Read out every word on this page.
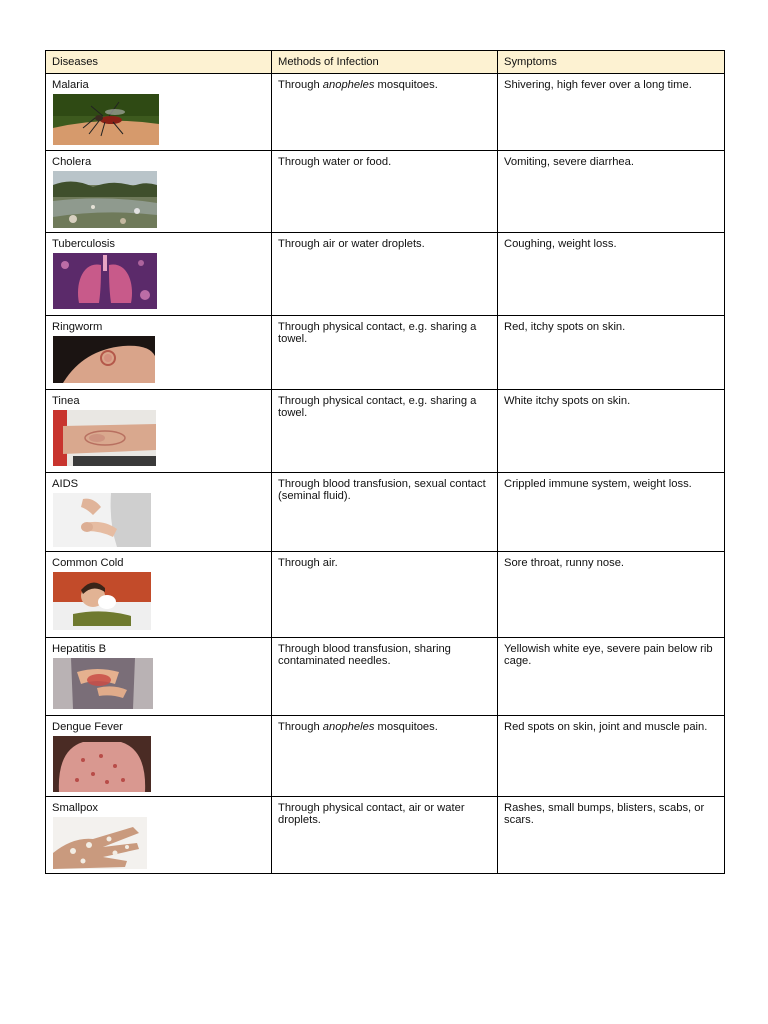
Diseases	Methods of Infection	Symptoms

Malaria	Through anopheles mosquitoes.	Shivering, high fever over a long time.

Cholera	Through water or food.	Vomiting, severe diarrhea.

Tuberculosis	Through air or water droplets.	Coughing, weight loss.

Ringworm	Through physical contact, e.g. sharing a towel.	Red, itchy spots on skin.

Tinea	Through physical contact, e.g. sharing a towel.	White itchy spots on skin.

AIDS	Through blood transfusion, sexual contact (seminal fluid).	Crippled immune system, weight loss.

Common Cold	Through air.	Sore throat, runny nose.

Hepatitis B	Through blood transfusion, sharing contaminated needles.	Yellowish white eye, severe pain below rib cage.

Dengue Fever	Through anopheles mosquitoes.	Red spots on skin, joint and muscle pain.

Smallpox	Through physical contact, air or water droplets.	Rashes, small bumps, blisters, scabs, or scars.
